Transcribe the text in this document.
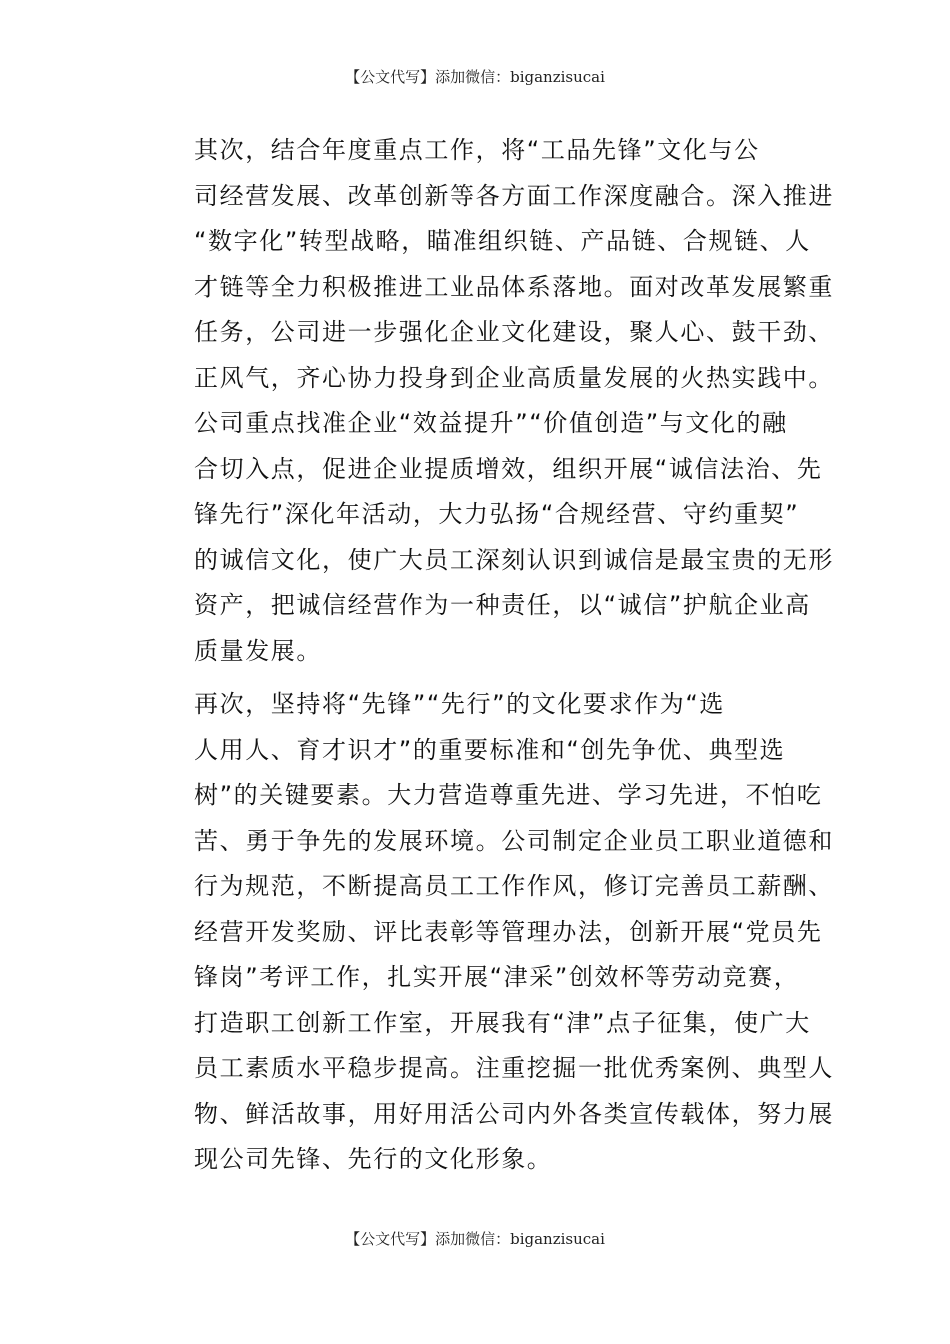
【公文代写】添加微信：biganzisucai

其次，结合年度重点工作，将“工品先锋”文化与公
司经营发展、改革创新等各方面工作深度融合。深入推进
“数字化”转型战略，瞄准组织链、产品链、合规链、人
才链等全力积极推进工业品体系落地。面对改革发展繁重
任务，公司进一步强化企业文化建设，聚人心、鼓干劲、
正风气，齐心协力投身到企业高质量发展的火热实践中。
公司重点找准企业“效益提升”“价值创造”与文化的融
合切入点，促进企业提质增效，组织开展“诚信法治、先
锋先行”深化年活动，大力弘扬“合规经营、守约重契”
的诚信文化，使广大员工深刻认识到诚信是最宝贵的无形
资产，把诚信经营作为一种责任，以“诚信”护航企业高
质量发展。

再次，坚持将“先锋”“先行”的文化要求作为“选
人用人、育才识才”的重要标准和“创先争优、典型选
树”的关键要素。大力营造尊重先进、学习先进，不怕吃
苦、勇于争先的发展环境。公司制定企业员工职业道德和
行为规范，不断提高员工工作作风，修订完善员工薪酬、
经营开发奖励、评比表彰等管理办法，创新开展“党员先
锋岗”考评工作，扎实开展“津采”创效杯等劳动竞赛，
打造职工创新工作室，开展我有“津”点子征集，使广大
员工素质水平稳步提高。注重挖掘一批优秀案例、典型人
物、鲜活故事，用好用活公司内外各类宣传载体，努力展
现公司先锋、先行的文化形象。

【公文代写】添加微信：biganzisucai
